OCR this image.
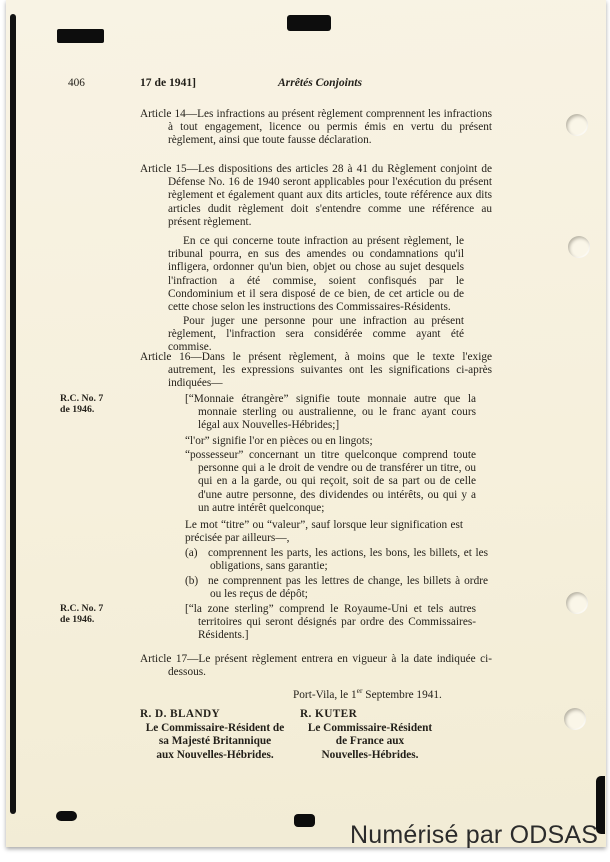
406	17 de 1941]	Arrêtés Conjoints

Article 14—Les infractions au présent règlement comprennent les infractions à tout engagement, licence ou permis émis en vertu du présent règlement, ainsi que toute fausse déclaration.

Article 15—Les dispositions des articles 28 à 41 du Règlement conjoint de Défense No. 16 de 1940 seront applicables pour l'exécution du présent règlement et également quant aux dits articles, toute référence aux dits articles dudit règlement doit s'entendre comme une référence au présent règlement.

En ce qui concerne toute infraction au présent règlement, le tribunal pourra, en sus des amendes ou condamnations qu'il infligera, ordonner qu'un bien, objet ou chose au sujet desquels l'infraction a été commise, soient confisqués par le Condominium et il sera disposé de ce bien, de cet article ou de cette chose selon les instructions des Commissaires-Résidents.

Pour juger une personne pour une infraction au présent règlement, l'infraction sera considérée comme ayant été commise.

Article 16—Dans le présent règlement, à moins que le texte l'exige autrement, les expressions suivantes ont les significations ci-après indiquées—

[“Monnaie étrangère” signifie toute monnaie autre que la monnaie sterling ou australienne, ou le franc ayant cours légal aux Nouvelles-Hébrides;]

“l'or” signifie l'or en pièces ou en lingots;

“possesseur” concernant un titre quelconque comprend toute personne qui a le droit de vendre ou de transférer un titre, ou qui en a la garde, ou qui reçoit, soit de sa part ou de celle d'une autre personne, des dividendes ou intérêts, ou qui y a un autre intérêt quelconque;

Le mot “titre” ou “valeur”, sauf lorsque leur signification est précisée par ailleurs—,

(a) comprennent les parts, les actions, les bons, les billets, et les obligations, sans garantie;

(b) ne comprennent pas les lettres de change, les billets à ordre ou les reçus de dépôt;

[“la zone sterling” comprend le Royaume-Uni et tels autres territoires qui seront désignés par ordre des Commissaires-Résidents.]

Article 17—Le présent règlement entrera en vigueur à la date indiquée ci-dessous.

Port-Vila, le 1er Septembre 1941.

R.C. No. 7
de 1946.
R.C. No. 7
de 1946.
R. D. BLANDY
Le Commissaire-Résident de
sa Majesté Britannique
aux Nouvelles-Hébrides.
R. KUTER
Le Commissaire-Résident
de France aux
Nouvelles-Hébrides.
Numérisé par ODSAS
